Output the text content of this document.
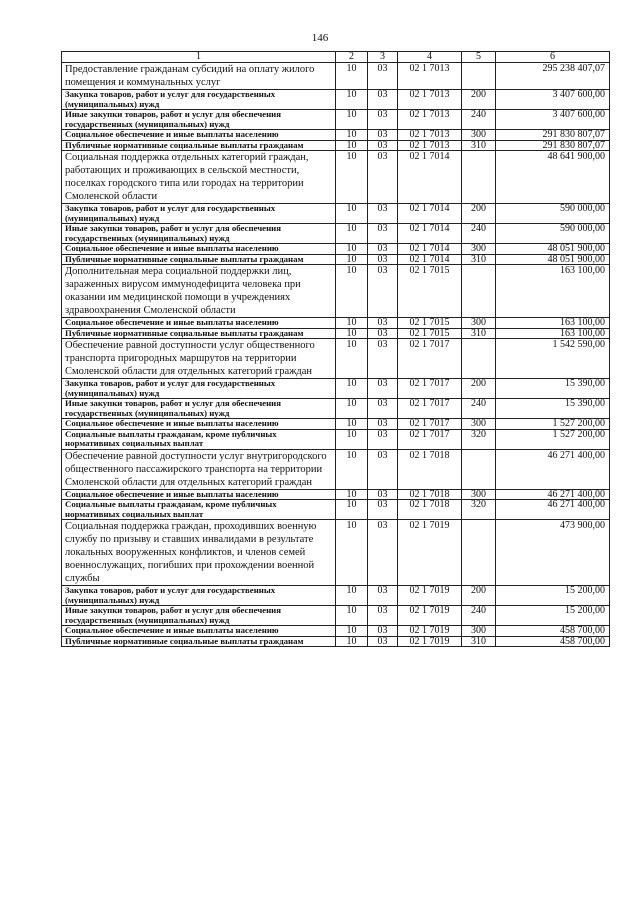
146
1	2	3	4	5	6
Предоставление гражданам субсидий на оплату жилого помещения и коммунальных услуг	10	03	02 1 7013		295 238 407,07
Закупка товаров, работ и услуг для государственных (муниципальных) нужд	10	03	02 1 7013	200	3 407 600,00
Иные закупки товаров, работ и услуг для обеспечения государственных (муниципальных) нужд	10	03	02 1 7013	240	3 407 600,00
Социальное обеспечение и иные выплаты населению	10	03	02 1 7013	300	291 830 807,07
Публичные нормативные социальные выплаты гражданам	10	03	02 1 7013	310	291 830 807,07
Социальная поддержка отдельных категорий граждан, работающих и проживающих в сельской местности, поселках городского типа или городах на территории Смоленской области	10	03	02 1 7014		48 641 900,00
Закупка товаров, работ и услуг для государственных (муниципальных) нужд	10	03	02 1 7014	200	590 000,00
Иные закупки товаров, работ и услуг для обеспечения государственных (муниципальных) нужд	10	03	02 1 7014	240	590 000,00
Социальное обеспечение и иные выплаты населению	10	03	02 1 7014	300	48 051 900,00
Публичные нормативные социальные выплаты гражданам	10	03	02 1 7014	310	48 051 900,00
Дополнительная мера социальной поддержки лиц, зараженных вирусом иммунодефицита человека при оказании им медицинской помощи в учреждениях здравоохранения Смоленской области	10	03	02 1 7015		163 100,00
Социальное обеспечение и иные выплаты населению	10	03	02 1 7015	300	163 100,00
Публичные нормативные социальные выплаты гражданам	10	03	02 1 7015	310	163 100,00
Обеспечение равной доступности услуг общественного транспорта пригородных маршрутов на территории Смоленской области для отдельных категорий граждан	10	03	02 1 7017		1 542 590,00
Закупка товаров, работ и услуг для государственных (муниципальных) нужд	10	03	02 1 7017	200	15 390,00
Иные закупки товаров, работ и услуг для обеспечения государственных (муниципальных) нужд	10	03	02 1 7017	240	15 390,00
Социальное обеспечение и иные выплаты населению	10	03	02 1 7017	300	1 527 200,00
Социальные выплаты гражданам, кроме публичных нормативных социальных выплат	10	03	02 1 7017	320	1 527 200,00
Обеспечение равной доступности услуг внутригородского общественного пассажирского транспорта на территории Смоленской области для отдельных категорий граждан	10	03	02 1 7018		46 271 400,00
Социальное обеспечение и иные выплаты населению	10	03	02 1 7018	300	46 271 400,00
Социальные выплаты гражданам, кроме публичных нормативных социальных выплат	10	03	02 1 7018	320	46 271 400,00
Социальная поддержка граждан, проходивших военную службу по призыву и ставших инвалидами в результате локальных вооруженных конфликтов, и членов семей военнослужащих, погибших при прохождении военной службы	10	03	02 1 7019		473 900,00
Закупка товаров, работ и услуг для государственных (муниципальных) нужд	10	03	02 1 7019	200	15 200,00
Иные закупки товаров, работ и услуг для обеспечения государственных (муниципальных) нужд	10	03	02 1 7019	240	15 200,00
Социальное обеспечение и иные выплаты населению	10	03	02 1 7019	300	458 700,00
Публичные нормативные социальные выплаты гражданам	10	03	02 1 7019	310	458 700,00
